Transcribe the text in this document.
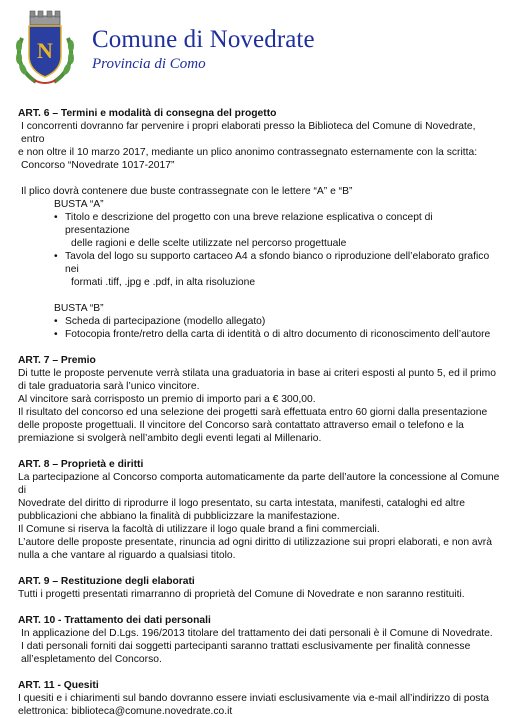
N Comune di Novedrate
Provincia di Como

ART. 6 – Termini e modalità di consegna del progetto

I concorrenti dovranno far pervenire i propri elaborati presso la Biblioteca del Comune di Novedrate, entro

e non oltre il 10 marzo 2017, mediante un plico anonimo contrassegnato esternamente con la scritta:

Concorso “Novedrate 1017-2017”

Il plico dovrà contenere due buste contrassegnate con le lettere “A” e “B”

BUSTA “A”

• Titolo e descrizione del progetto con una breve relazione esplicativa o concept di presentazione
delle ragioni e delle scelte utilizzate nel percorso progettuale
• Tavola del logo su supporto cartaceo A4 a sfondo bianco o riproduzione dell’elaborato grafico nei
formati .tiff, .jpg e .pdf, in alta risoluzione

BUSTA “B”

• Scheda di partecipazione (modello allegato)
• Fotocopia fronte/retro della carta di identità o di altro documento di riconoscimento dell’autore

ART. 7 – Premio

Di tutte le proposte pervenute verrà stilata una graduatoria in base ai criteri esposti al punto 5, ed il primo

di tale graduatoria sarà l’unico vincitore.

Al vincitore sarà corrisposto un premio di importo pari a € 300,00.

Il risultato del concorso ed una selezione dei progetti sarà effettuata entro 60 giorni dalla presentazione

delle proposte progettuali. Il vincitore del Concorso sarà contattato attraverso email o telefono e la

premiazione si svolgerà nell’ambito degli eventi legati al Millenario.

ART. 8 – Proprietà e diritti

La partecipazione al Concorso comporta automaticamente da parte dell’autore la concessione al Comune di

Novedrate del diritto di riprodurre il logo presentato, su carta intestata, manifesti, cataloghi ed altre

pubblicazioni che abbiano la finalità di pubblicizzare la manifestazione.

Il Comune si riserva la facoltà di utilizzare il logo quale brand a fini commerciali.

L’autore delle proposte presentate, rinuncia ad ogni diritto di utilizzazione sui propri elaborati, e non avrà

nulla a che vantare al riguardo a qualsiasi titolo.

ART. 9 – Restituzione degli elaborati

Tutti i progetti presentati rimarranno di proprietà del Comune di Novedrate e non saranno restituiti.

ART. 10 - Trattamento dei dati personali

In applicazione del D.Lgs. 196/2013 titolare del trattamento dei dati personali è il Comune di Novedrate.

I dati personali forniti dai soggetti partecipanti saranno trattati esclusivamente per finalità connesse

all’espletamento del Concorso.

ART. 11 - Quesiti

I quesiti e i chiarimenti sul bando dovranno essere inviati esclusivamente via e-mail all’indirizzo di posta

elettronica: biblioteca@comune.novedrate.co.it
